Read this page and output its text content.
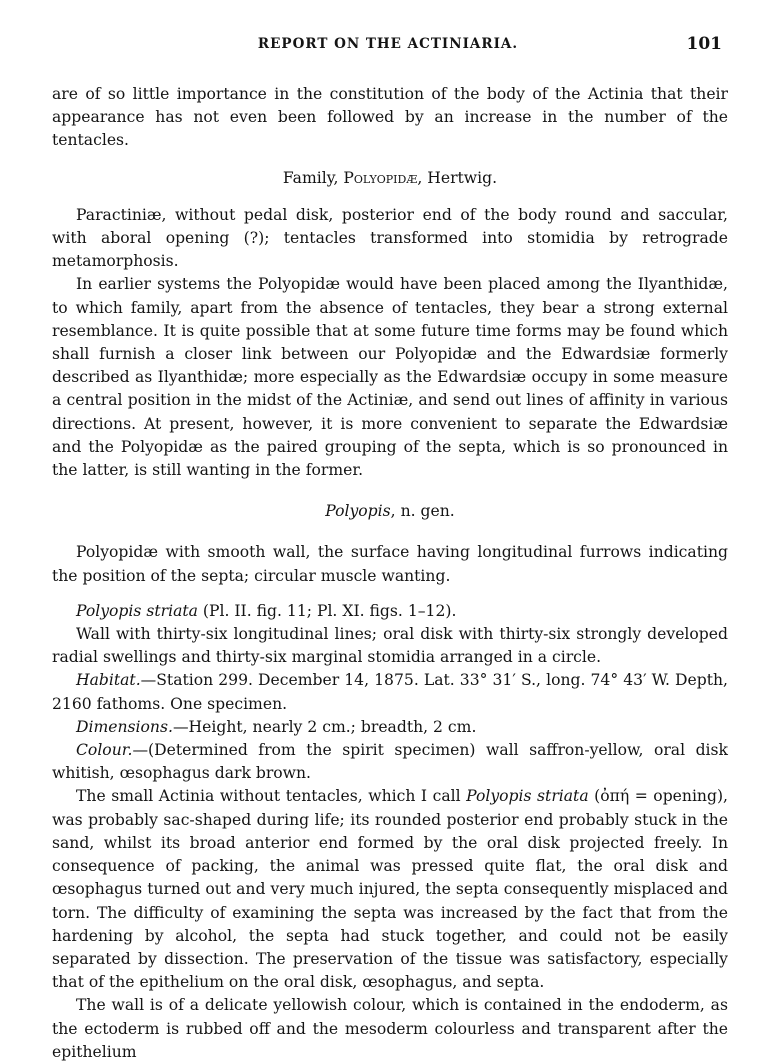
REPORT ON THE ACTINIARIA.	101

are of so little importance in the constitution of the body of the Actinia that their appearance has not even been followed by an increase in the number of the tentacles.

Family, Polyopidæ, Hertwig.

Paractiniæ, without pedal disk, posterior end of the body round and saccular, with aboral opening (?); tentacles transformed into stomidia by retrograde metamorphosis.

In earlier systems the Polyopidæ would have been placed among the Ilyanthidæ, to which family, apart from the absence of tentacles, they bear a strong external resemblance. It is quite possible that at some future time forms may be found which shall furnish a closer link between our Polyopidæ and the Edwardsiæ formerly described as Ilyanthidæ; more especially as the Edwardsiæ occupy in some measure a central position in the midst of the Actiniæ, and send out lines of affinity in various directions. At present, however, it is more convenient to separate the Edwardsiæ and the Polyopidæ as the paired grouping of the septa, which is so pronounced in the latter, is still wanting in the former.

Polyopis, n. gen.

Polyopidæ with smooth wall, the surface having longitudinal furrows indicating the position of the septa; circular muscle wanting.

Polyopis striata (Pl. II. fig. 11; Pl. XI. figs. 1–12).

Wall with thirty-six longitudinal lines; oral disk with thirty-six strongly developed radial swellings and thirty-six marginal stomidia arranged in a circle.

Habitat.—Station 299. December 14, 1875. Lat. 33° 31′ S., long. 74° 43′ W. Depth, 2160 fathoms. One specimen.

Dimensions.—Height, nearly 2 cm.; breadth, 2 cm.

Colour.—(Determined from the spirit specimen) wall saffron-yellow, oral disk whitish, œsophagus dark brown.

The small Actinia without tentacles, which I call Polyopis striata (ὀπή = opening), was probably sac-shaped during life; its rounded posterior end probably stuck in the sand, whilst its broad anterior end formed by the oral disk projected freely. In consequence of packing, the animal was pressed quite flat, the oral disk and œsophagus turned out and very much injured, the septa consequently misplaced and torn. The difficulty of examining the septa was increased by the fact that from the hardening by alcohol, the septa had stuck together, and could not be easily separated by dissection. The preservation of the tissue was satisfactory, especially that of the epithelium on the oral disk, œsophagus, and septa.

The wall is of a delicate yellowish colour, which is contained in the endoderm, as the ectoderm is rubbed off and the mesoderm colourless and transparent after the epithelium
